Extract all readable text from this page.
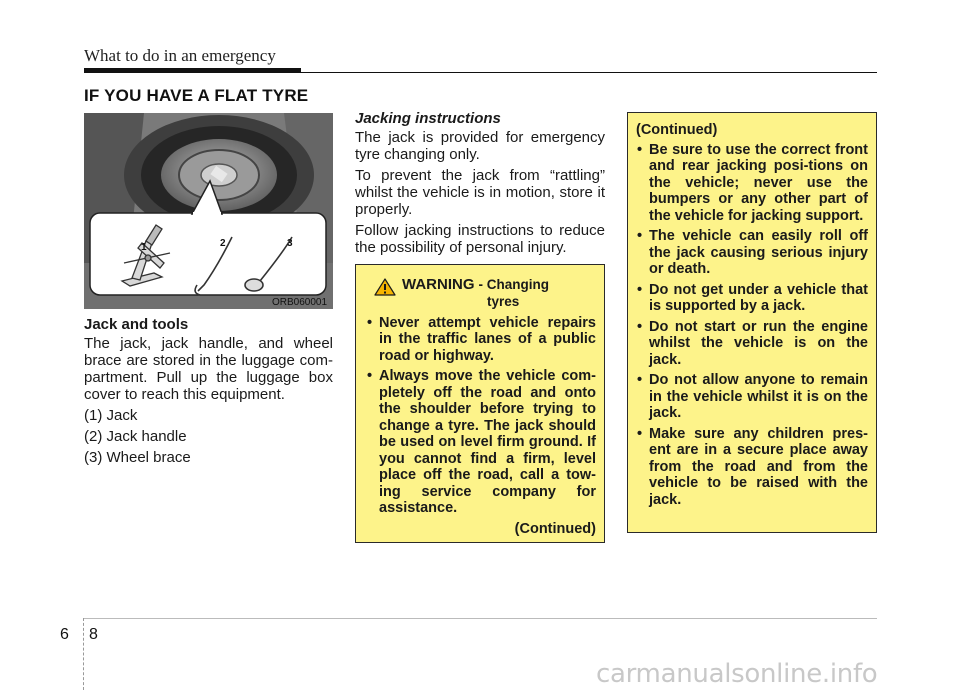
What to do in an emergency
IF YOU HAVE A FLAT TYRE
1	2	3
ORB060001

Jack and tools

The jack, jack handle, and wheel brace are stored in the luggage com-partment. Pull up the luggage box cover to reach this equipment.

(1) Jack

(2) Jack handle

(3) Wheel brace

Jacking instructions

The jack is provided for emergency tyre changing only.

To prevent the jack from “rattling” whilst the vehicle is in motion, store it properly.

Follow jacking instructions to reduce the possibility of personal injury.

WARNING - Changing
tyres
• Never attempt vehicle repairs in the traffic lanes of a public road or highway.
• Always move the vehicle com-pletely off the road and onto the shoulder before trying to change a tyre. The jack should be used on level firm ground. If you cannot find a firm, level place off the road, call a tow-ing service company for assistance.
(Continued)
(Continued)
• Be sure to use the correct front and rear jacking posi-tions on the vehicle; never use the bumpers or any other part of the vehicle for jacking support.
• The vehicle can easily roll off the jack causing serious injury or death.
• Do not get under a vehicle that is supported by a jack.
• Do not start or run the engine whilst the vehicle is on the jack.
• Do not allow anyone to remain in the vehicle whilst it is on the jack.
• Make sure any children pres-ent are in a secure place away from the road and from the vehicle to be raised with the jack.
6 8
carmanualsonline.info
